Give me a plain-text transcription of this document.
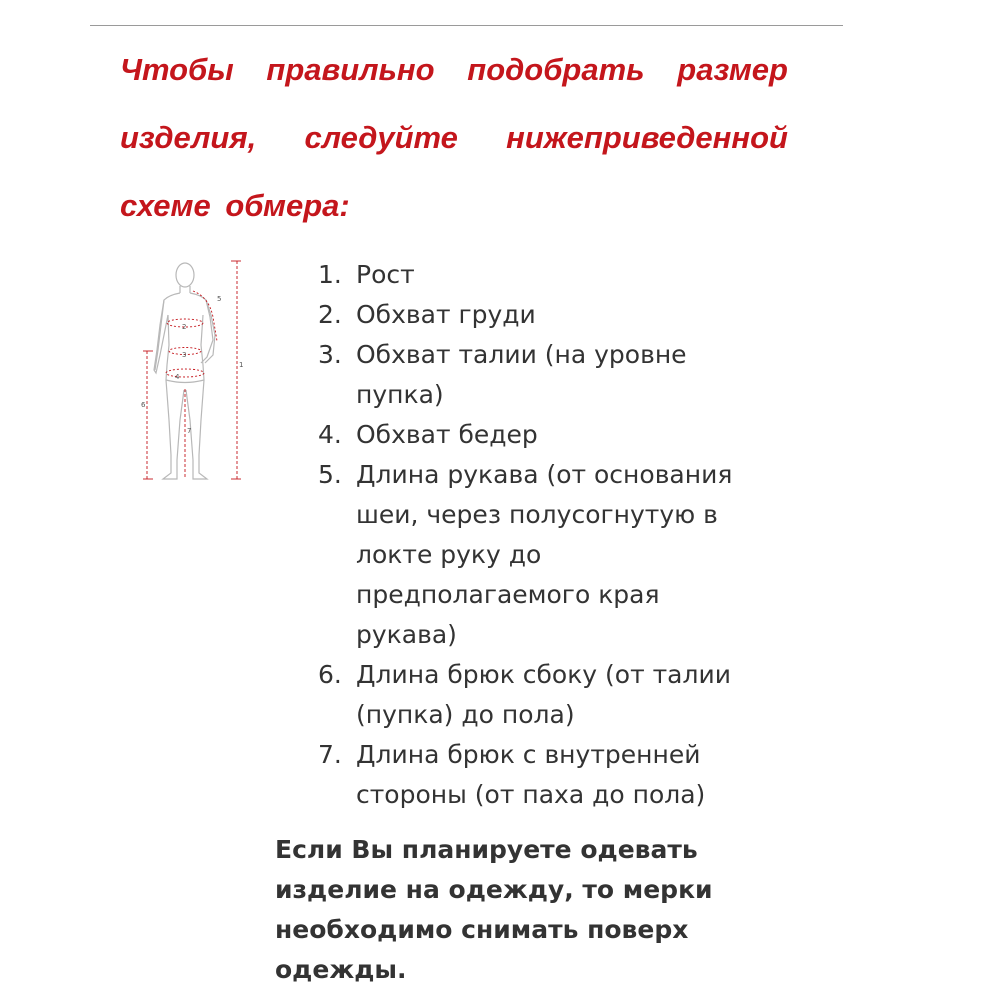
Чтобы правильно подобрать размер изделия, следуйте нижеприведенной схеме обмера:
1
2
3
4
5
6
7
1. Рост
2. Обхват груди
3. Обхват талии (на уровне пупка)
4. Обхват бедер
5. Длина рукава (от основания шеи, через полусогнутую в локте руку до предполагаемого края рукава)
6. Длина брюк сбоку (от талии (пупка) до пола)
7. Длина брюк с внутренней стороны (от паха до пола)

Если Вы планируете одевать изделие на одежду, то мерки необходимо снимать поверх одежды.
